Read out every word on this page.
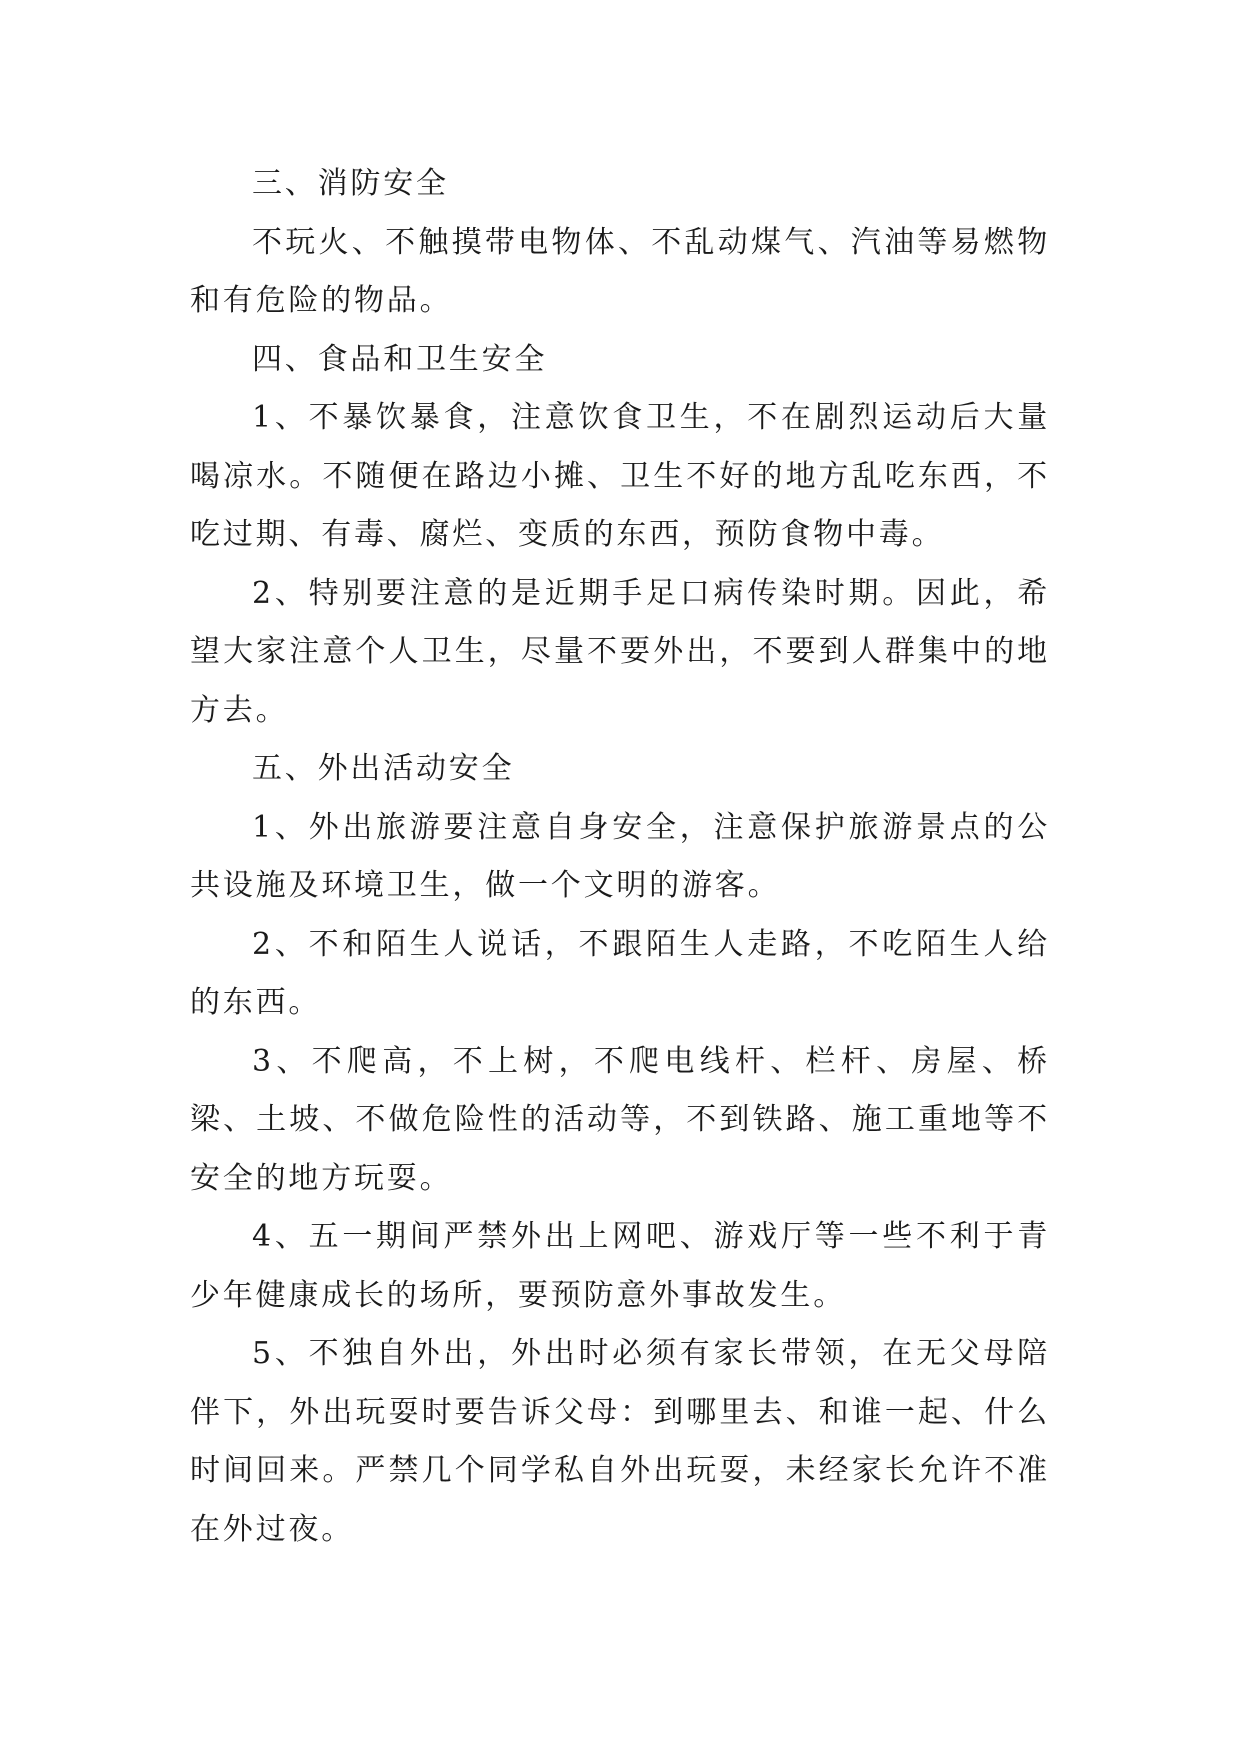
三、消防安全

不玩火、不触摸带电物体、不乱动煤气、汽油等易燃物和有危险的物品。

四、食品和卫生安全

1、不暴饮暴食，注意饮食卫生，不在剧烈运动后大量喝凉水。不随便在路边小摊、卫生不好的地方乱吃东西，不吃过期、有毒、腐烂、变质的东西，预防食物中毒。

2、特别要注意的是近期手足口病传染时期。因此，希望大家注意个人卫生，尽量不要外出，不要到人群集中的地方去。

五、外出活动安全

1、外出旅游要注意自身安全，注意保护旅游景点的公共设施及环境卫生，做一个文明的游客。

2、不和陌生人说话，不跟陌生人走路，不吃陌生人给的东西。

3、不爬高，不上树，不爬电线杆、栏杆、房屋、桥梁、土坡、不做危险性的活动等，不到铁路、施工重地等不安全的地方玩耍。

4、五一期间严禁外出上网吧、游戏厅等一些不利于青少年健康成长的场所，要预防意外事故发生。

5、不独自外出，外出时必须有家长带领，在无父母陪伴下，外出玩耍时要告诉父母：到哪里去、和谁一起、什么时间回来。严禁几个同学私自外出玩耍，未经家长允许不准在外过夜。
